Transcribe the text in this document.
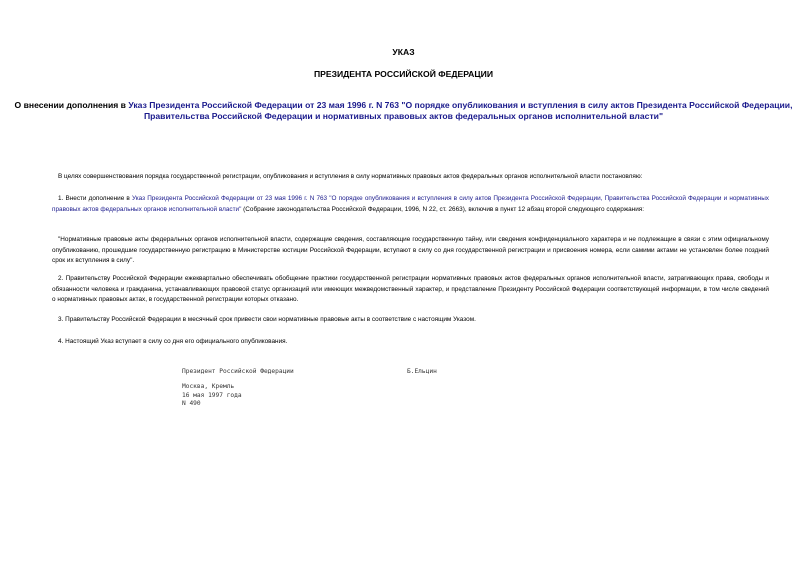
УКАЗ
ПРЕЗИДЕНТА РОССИЙСКОЙ ФЕДЕРАЦИИ
О внесении дополнения в Указ Президента Российской Федерации от 23 мая 1996 г. N 763 "О порядке опубликования и вступления в силу актов Президента Российской Федерации, Правительства Российской Федерации и нормативных правовых актов федеральных органов исполнительной власти"
В целях совершенствования порядка государственной регистрации, опубликования и вступления в силу нормативных правовых актов федеральных органов исполнительной власти постановляю:
1. Внести дополнение в Указ Президента Российской Федерации от 23 мая 1996 г. N 763 "О порядке опубликования и вступления в силу актов Президента Российской Федерации, Правительства Российской Федерации и нормативных правовых актов федеральных органов исполнительной власти" (Собрание законодательства Российской Федерации, 1996, N 22, ст. 2663), включив в пункт 12 абзац второй следующего содержания:
"Нормативные правовые акты федеральных органов исполнительной власти, содержащие сведения, составляющие государственную тайну, или сведения конфиденциального характера и не подлежащие в связи с этим официальному опубликованию, прошедшие государственную регистрацию в Министерстве юстиции Российской Федерации, вступают в силу со дня государственной регистрации и присвоения номера, если самими актами не установлен более поздний срок их вступления в силу".
2. Правительству Российской Федерации ежеквартально обеспечивать обобщение практики государственной регистрации нормативных правовых актов федеральных органов исполнительной власти, затрагивающих права, свободы и обязанности человека и гражданина, устанавливающих правовой статус организаций или имеющих межведомственный характер, и представление Президенту Российской Федерации соответствующей информации, в том числе сведений о нормативных правовых актах, в государственной регистрации которых отказано.
3. Правительству Российской Федерации в месячный срок привести свои нормативные правовые акты в соответствие с настоящим Указом.
4. Настоящий Указ вступает в силу со дня его официального опубликования.
Президент Российской Федерации	Б.Ельцин
Москва, Кремль
16 мая 1997 года
N 490
